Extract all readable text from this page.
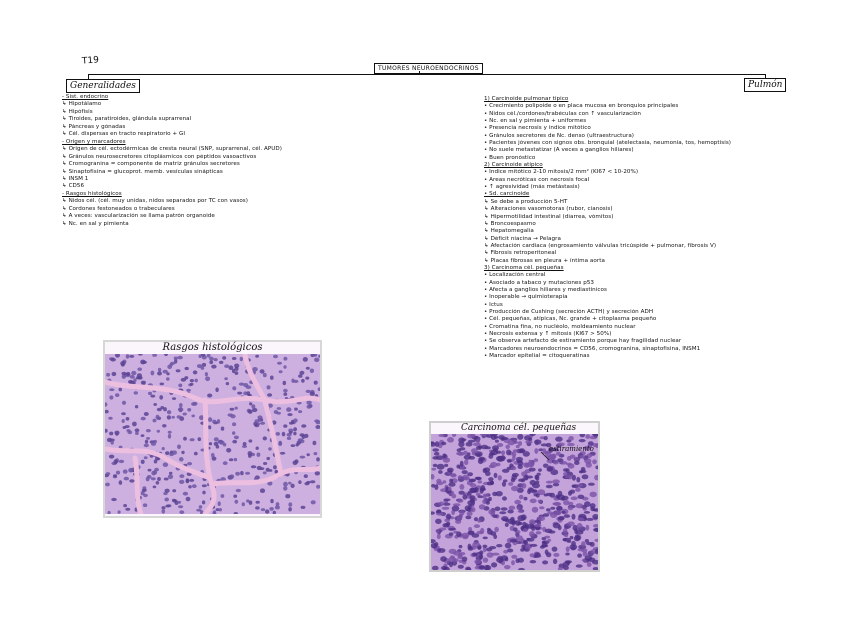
T19
TUMORES NEUROENDOCRINOS
Generalidades	Pulmón
- Sist. endocrino
↳ Hipotálamo
↳ Hipófisis
↳ Tiroides, paratiroides, glándula suprarrenal
↳ Páncreas y gónadas
↳ Cél. dispersas en tracto respiratorio + GI
- Origen y marcadores
↳ Origen de cél. ectodérmicas de cresta neural (SNP, suprarrenal, cél. APUD)
↳ Gránulos neurosecretores citoplásmicos con péptidos vasoactivos
↳ Cromogranina = componente de matriz gránulos secretores
↳ Sinaptofisina = glucoprot. memb. vesículas sinápticas
↳ INSM 1
↳ CD56
- Rasgos histológicos
↳ Nidos cél. (cél. muy unidas, nidos separados por TC con vasos)
↳ Cordones festoneados o trabeculares
↳ A veces: vascularización se llama patrón organoide
↳ Nc. en sal y pimienta
1) Carcinoide pulmonar típico
• Crecimiento polipoide o en placa mucosa en bronquios principales
• Nidos cél./cordones/trabéculas con ↑ vascularización
• Nc. en sal y pimienta + uniformes
• Presencia necrosis y índice mitótico
• Gránulos secretores de Nc. denso (ultraestructura)
• Pacientes jóvenes con signos obs. bronquial (atelectasia, neumonía, tos, hemoptisis)
• No suele metastatizar (A veces a ganglios hiliares)
• Buen pronóstico
2) Carcinoide atípico
• Índice mitótico 2-10 mitosis/2 mm² (KI67 < 10-20%)
• Áreas necróticas con necrosis focal
• ↑ agresividad (más metástasis)
• Sd. carcinoide
↳ Se debe a producción 5-HT
↳ Alteraciones vasomotoras (rubor, cianosis)
↳ Hipermotilidad intestinal (diarrea, vómitos)
↳ Broncoespasmo
↳ Hepatomegalia
↳ Déficit niacina → Pelagra
↳ Afectación cardiaca (engrosamiento válvulas tricúspide + pulmonar, fibrosis V)
↳ Fibrosis retroperitoneal
↳ Placas fibrosas en pleura + íntima aorta
3) Carcinoma cél. pequeñas
• Localización central
• Asociado a tabaco y mutaciones p53
• Afecta a ganglios hiliares y mediastínicos
• Inoperable → quimioterapia
• Ictus
• Producción de Cushing (secreción ACTH) y secreción ADH
• Cél. pequeñas, atípicas, Nc. grande + citoplasma pequeño
• Cromatina fina, no nucléolo, moldeamiento nuclear
• Necrosis extensa y ↑ mitosis (KI67 > 50%)
• Se observa artefacto de estiramiento porque hay fragilidad nuclear
• Marcadores neuroendocrinos = CD56, cromogranina, sinaptofisina, INSM1
• Marcador epitelial = citoqueratinas
Rasgos histológicos
Carcinoma cél. pequeñas
estiramiento
